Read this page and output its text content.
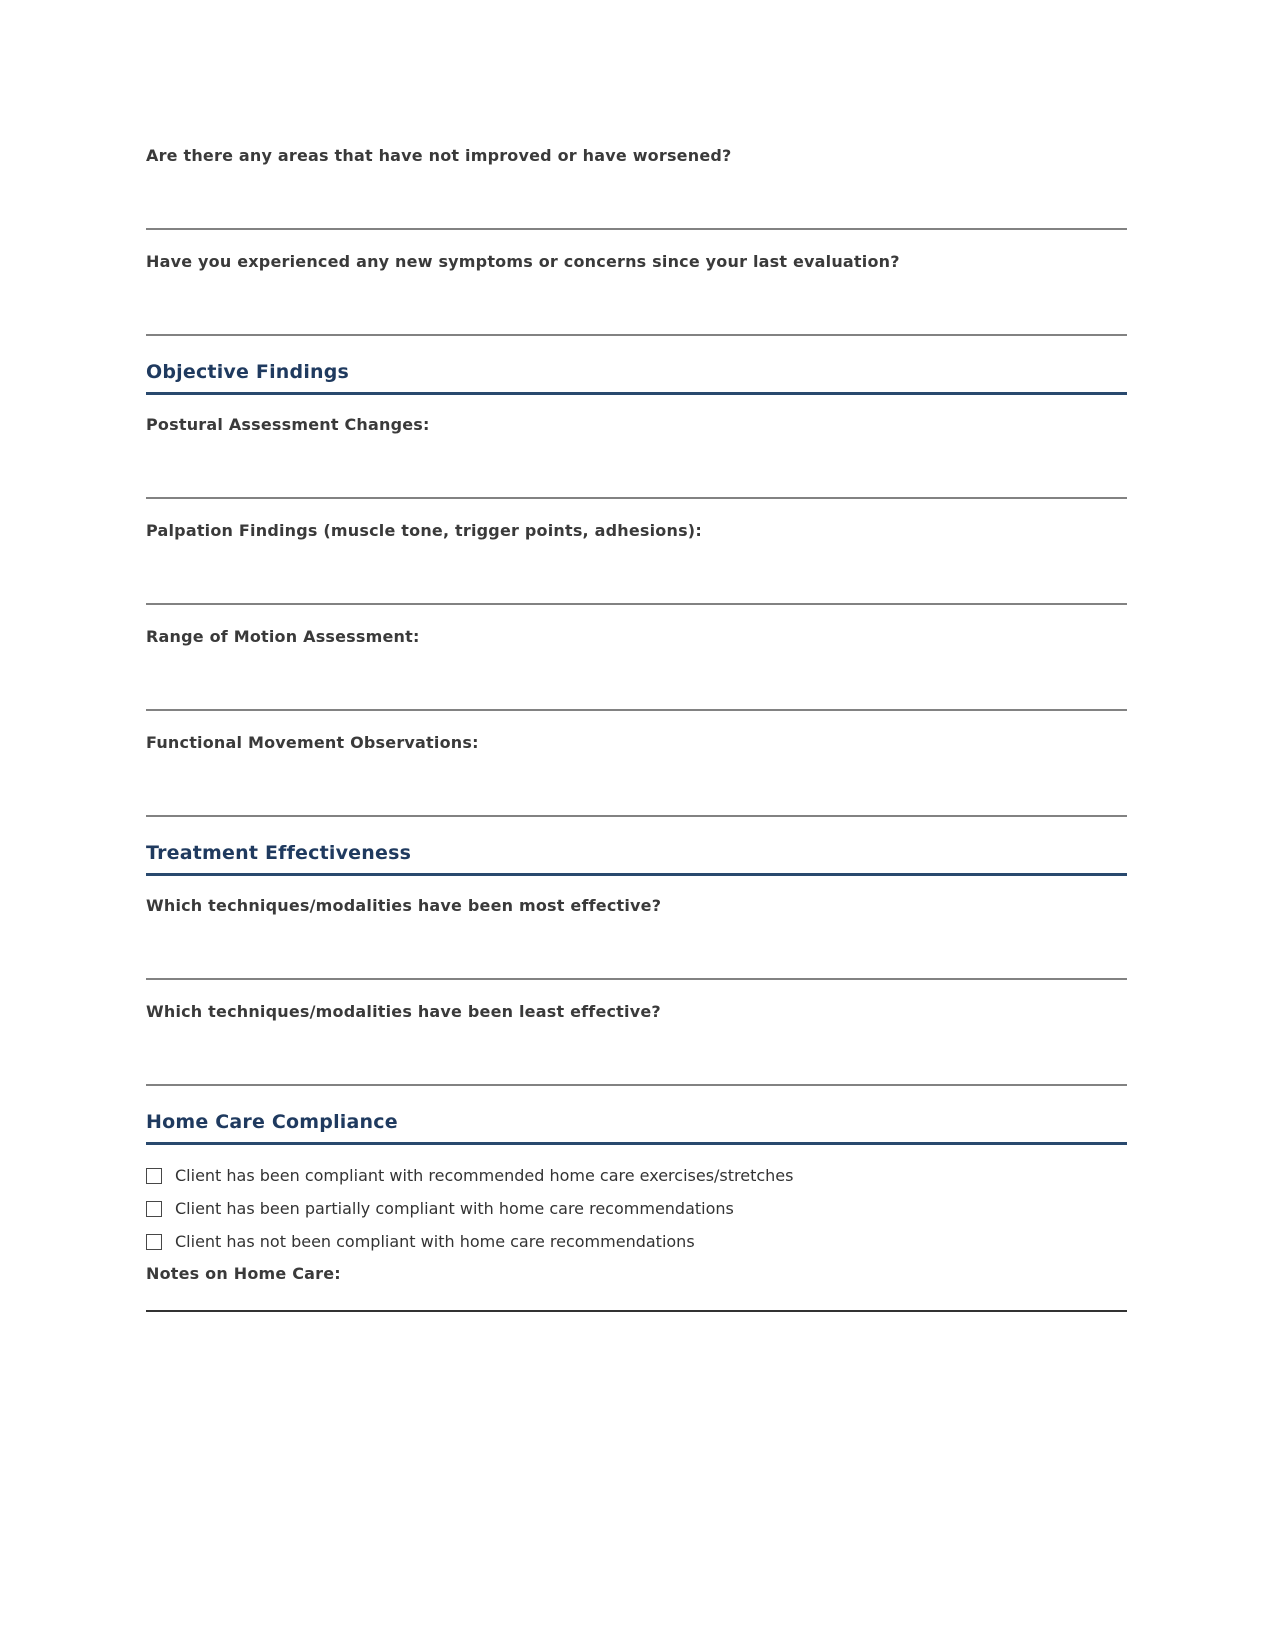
Are there any areas that have not improved or have worsened?
Have you experienced any new symptoms or concerns since your last evaluation?
Objective Findings
Postural Assessment Changes:
Palpation Findings (muscle tone, trigger points, adhesions):
Range of Motion Assessment:
Functional Movement Observations:
Treatment Effectiveness
Which techniques/modalities have been most effective?
Which techniques/modalities have been least effective?
Home Care Compliance
Client has been compliant with recommended home care exercises/stretches
Client has been partially compliant with home care recommendations
Client has not been compliant with home care recommendations
Notes on Home Care:
